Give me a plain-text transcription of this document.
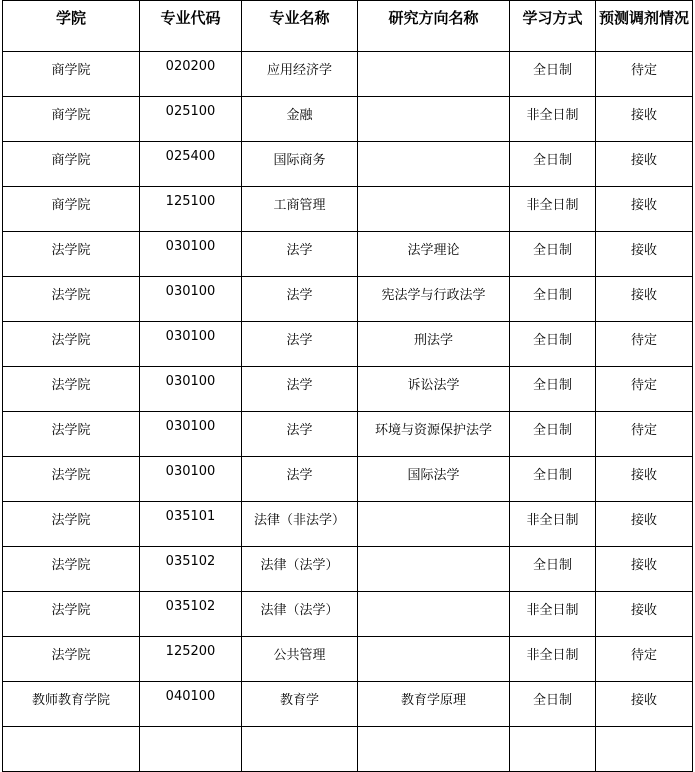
学院	专业代码	专业名称	研究方向名称	学习方式	预测调剂情况
商学院	020200	应用经济学		全日制	待定
商学院	025100	金融		非全日制	接收
商学院	025400	国际商务		全日制	接收
商学院	125100	工商管理		非全日制	接收
法学院	030100	法学	法学理论	全日制	接收
法学院	030100	法学	宪法学与行政法学	全日制	接收
法学院	030100	法学	刑法学	全日制	待定
法学院	030100	法学	诉讼法学	全日制	待定
法学院	030100	法学	环境与资源保护法学	全日制	待定
法学院	030100	法学	国际法学	全日制	接收
法学院	035101	法律（非法学）		非全日制	接收
法学院	035102	法律（法学）		全日制	接收
法学院	035102	法律（法学）		非全日制	接收
法学院	125200	公共管理		非全日制	待定
教师教育学院	040100	教育学	教育学原理	全日制	接收
